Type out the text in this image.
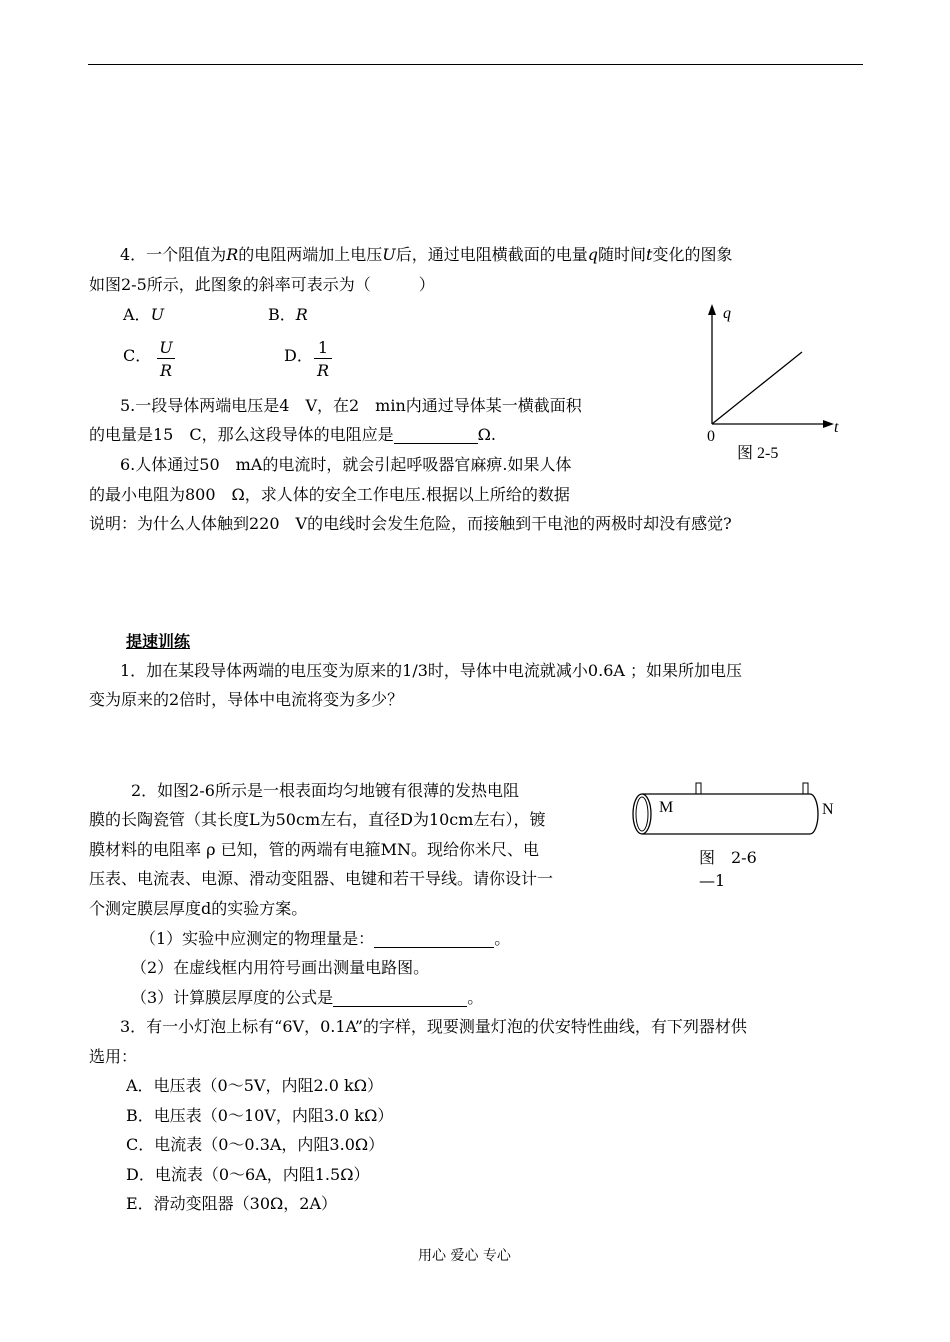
4．一个阻值为R的电阻两端加上电压U后，通过电阻横截面的电量q随时间t变化的图象
如图2-5所示，此图象的斜率可表示为（　　　）
A．U	B．R
C． U
R
D． 1
R
q
t
0
图 2-5
5.一段导体两端电压是4　V，在2　min内通过导体某一横截面积
的电量是15　C，那么这段导体的电阻应是	Ω.
6.人体通过50　mA的电流时，就会引起呼吸器官麻痹.如果人体
的最小电阻为800　Ω，求人体的安全工作电压.根据以上所给的数据
说明：为什么人体触到220　V的电线时会发生危险，而接触到干电池的两极时却没有感觉?
提速训练
1．加在某段导体两端的电压变为原来的1/3时，导体中电流就减小0.6A ；如果所加电压
变为原来的2倍时，导体中电流将变为多少？
2．如图2-6所示是一根表面均匀地镀有很薄的发热电阻
膜的长陶瓷管（其长度L为50cm左右，直径D为10cm左右），镀
膜材料的电阻率 ρ 已知，管的两端有电箍MN。现给你米尺、电
压表、电流表、电源、滑动变阻器、电键和若干导线。请你设计一
个测定膜层厚度d的实验方案。
（1）实验中应测定的物理量是：	。
（2）在虚线框内用符号画出测量电路图。
（3）计算膜层厚度的公式是	。
M	N
图　2-6
—1
3．有一小灯泡上标有“6V，0.1A”的字样，现要测量灯泡的伏安特性曲线，有下列器材供
选用：
A．电压表（0～5V，内阻2.0 kΩ）
B．电压表（0～10V，内阻3.0 kΩ）
C．电流表（0～0.3A，内阻3.0Ω）
D．电流表（0～6A，内阻1.5Ω）
E．滑动变阻器（30Ω，2A）
用心 爱心 专心
